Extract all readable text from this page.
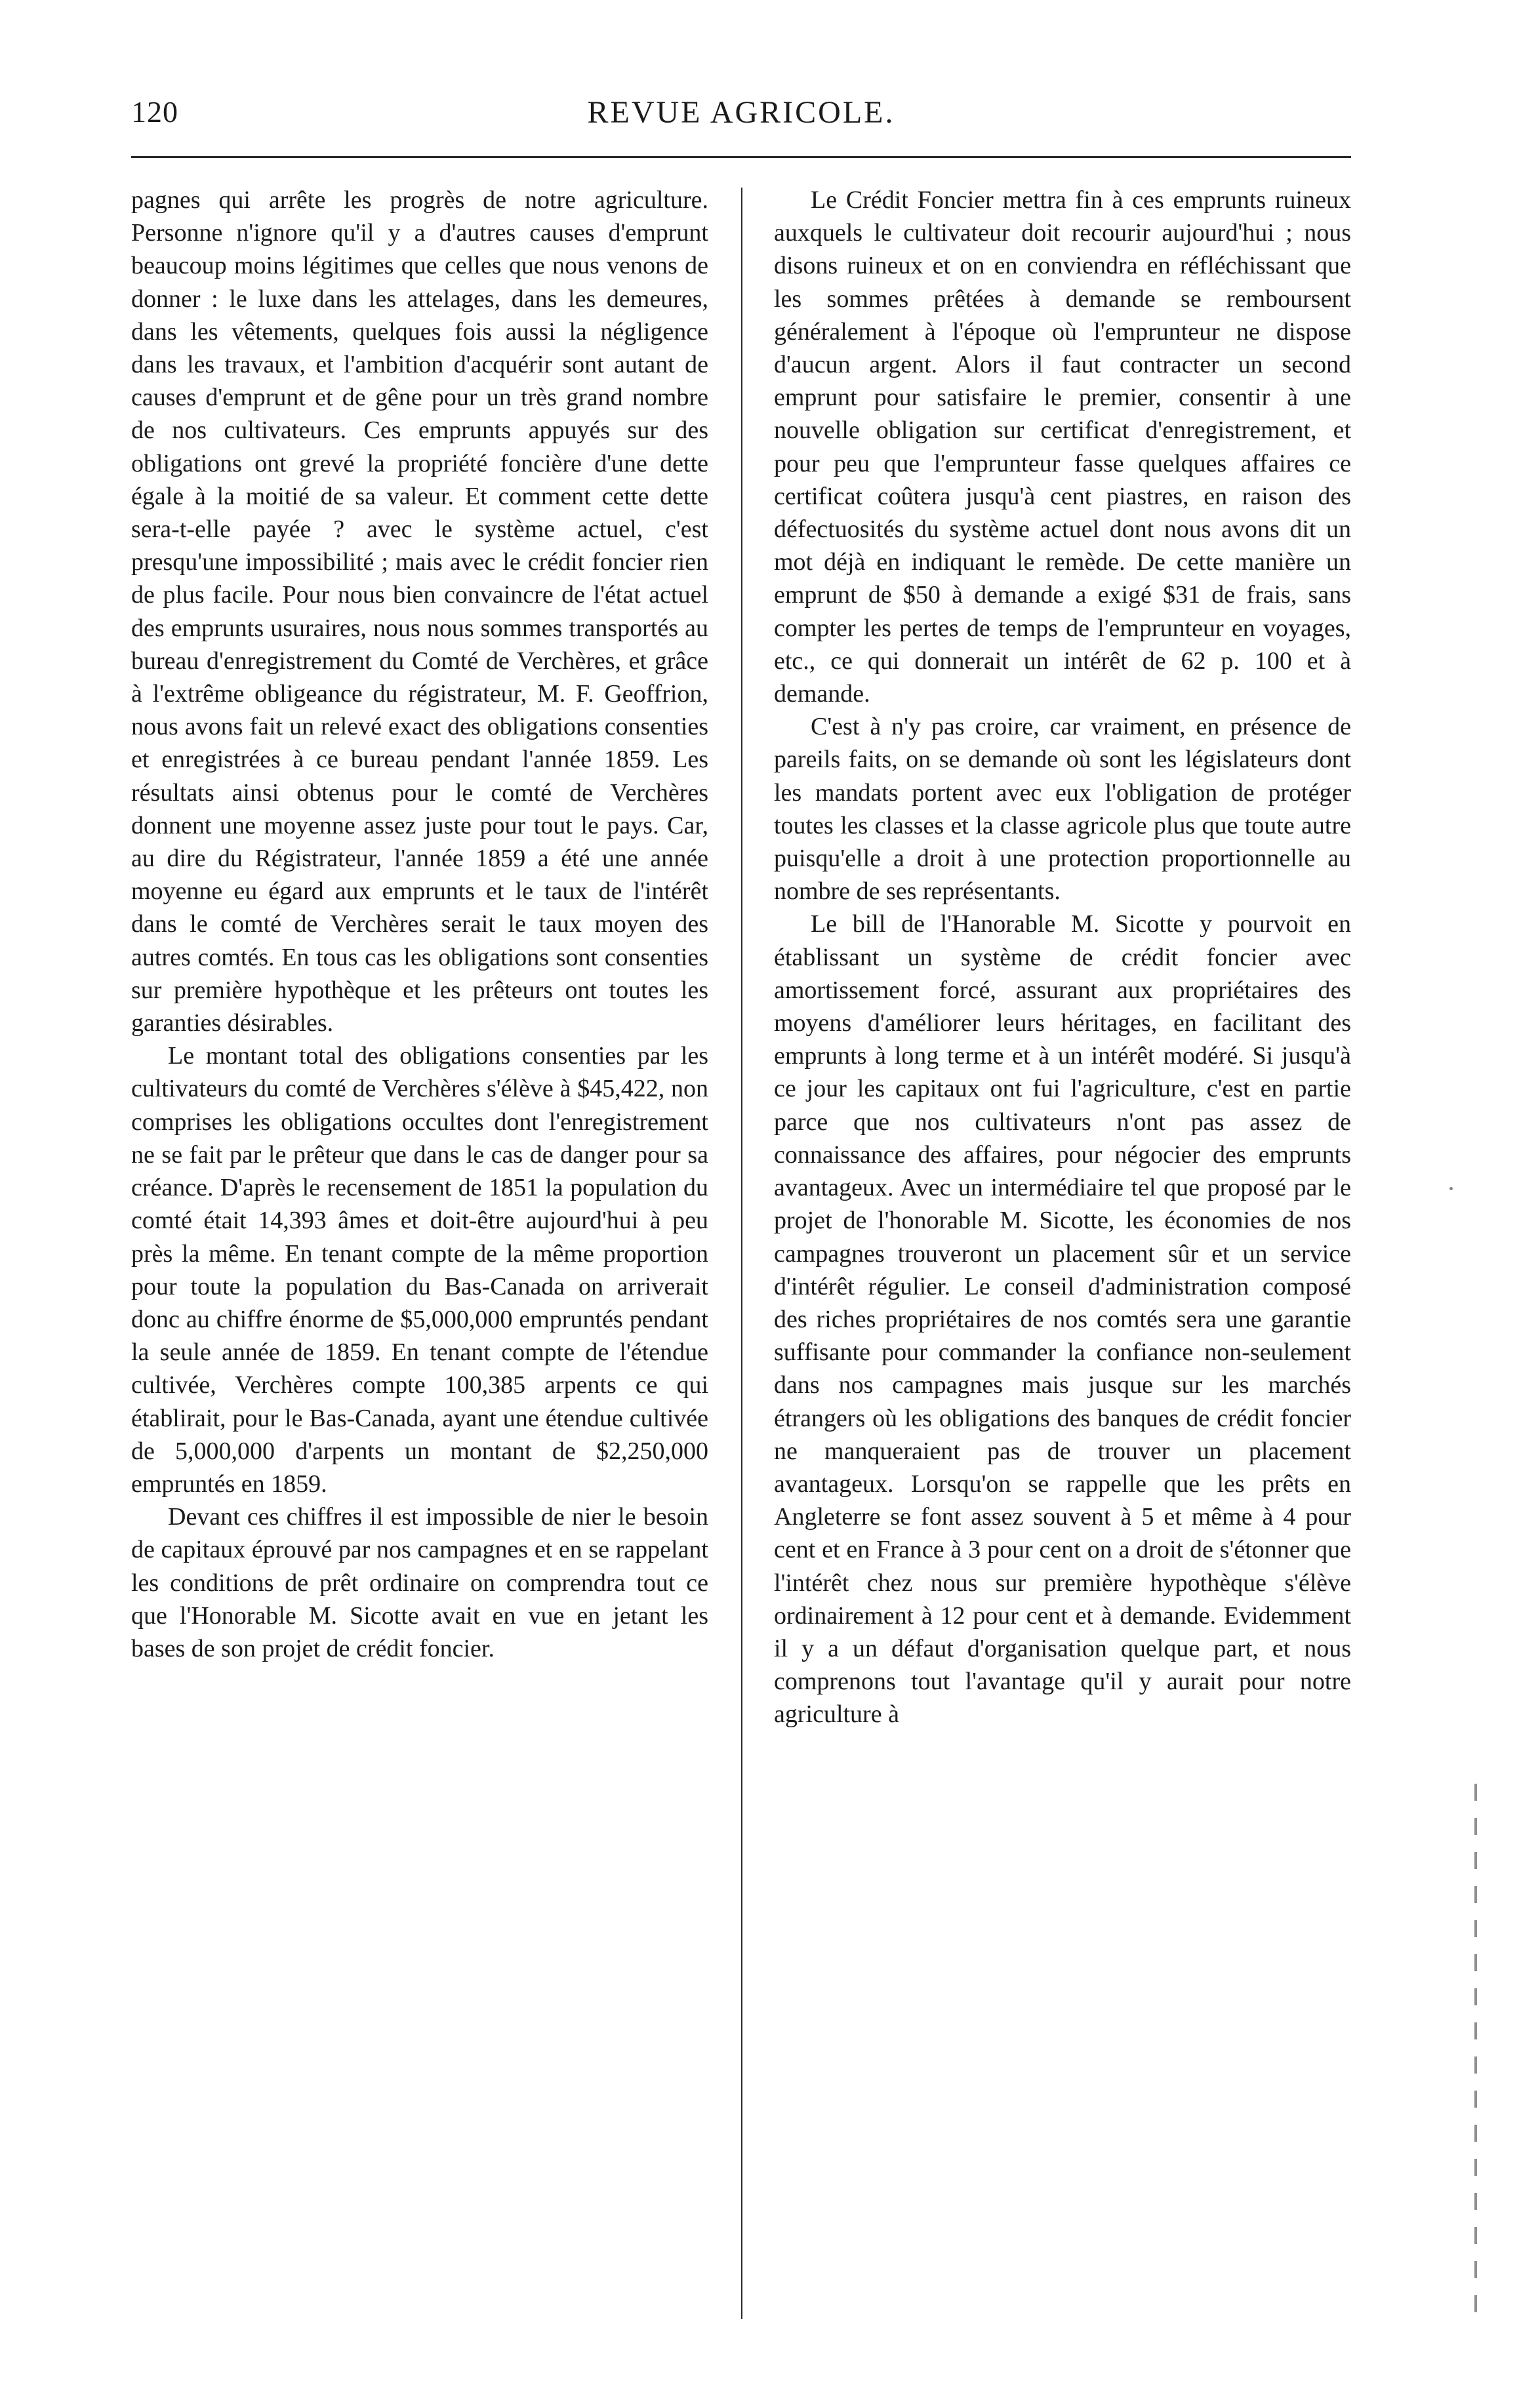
120	REVUE AGRICOLE.

pagnes qui arrête les progrès de notre agriculture. Personne n'ignore qu'il y a d'autres causes d'emprunt beaucoup moins légitimes que celles que nous venons de donner : le luxe dans les attelages, dans les demeures, dans les vêtements, quelques fois aussi la négligence dans les travaux, et l'ambition d'acquérir sont autant de causes d'emprunt et de gêne pour un très grand nombre de nos cultivateurs. Ces emprunts appuyés sur des obligations ont grevé la propriété foncière d'une dette égale à la moitié de sa valeur. Et comment cette dette sera-t-elle payée ? avec le système actuel, c'est presqu'une impossibilité ; mais avec le crédit foncier rien de plus facile. Pour nous bien convaincre de l'état actuel des emprunts usuraires, nous nous sommes transportés au bureau d'enregistrement du Comté de Verchères, et grâce à l'extrême obligeance du régistrateur, M. F. Geoffrion, nous avons fait un relevé exact des obligations consenties et enregistrées à ce bureau pendant l'année 1859. Les résultats ainsi obtenus pour le comté de Verchères donnent une moyenne assez juste pour tout le pays. Car, au dire du Régistrateur, l'année 1859 a été une année moyenne eu égard aux emprunts et le taux de l'intérêt dans le comté de Verchères serait le taux moyen des autres comtés. En tous cas les obligations sont consenties sur première hypothèque et les prêteurs ont toutes les garanties désirables.

Le montant total des obligations consenties par les cultivateurs du comté de Verchères s'élève à $45,422, non comprises les obligations occultes dont l'enregistrement ne se fait par le prêteur que dans le cas de danger pour sa créance. D'après le recensement de 1851 la population du comté était 14,393 âmes et doit-être aujourd'hui à peu près la même. En tenant compte de la même proportion pour toute la population du Bas-Canada on arriverait donc au chiffre énorme de $5,000,000 empruntés pendant la seule année de 1859. En tenant compte de l'étendue cultivée, Verchères compte 100,385 arpents ce qui établirait, pour le Bas-Canada, ayant une étendue cultivée de 5,000,000 d'arpents un montant de $2,250,000 empruntés en 1859.

Devant ces chiffres il est impossible de nier le besoin de capitaux éprouvé par nos campagnes et en se rappelant les conditions de prêt ordinaire on comprendra tout ce que l'Honorable M. Sicotte avait en vue en jetant les bases de son projet de crédit foncier.

Le Crédit Foncier mettra fin à ces emprunts ruineux auxquels le cultivateur doit recourir aujourd'hui ; nous disons ruineux et on en conviendra en réfléchissant que les sommes prêtées à demande se remboursent généralement à l'époque où l'emprunteur ne dispose d'aucun argent. Alors il faut contracter un second emprunt pour satisfaire le premier, consentir à une nouvelle obligation sur certificat d'enregistrement, et pour peu que l'emprunteur fasse quelques affaires ce certificat coûtera jusqu'à cent piastres, en raison des défectuosités du système actuel dont nous avons dit un mot déjà en indiquant le remède. De cette manière un emprunt de $50 à demande a exigé $31 de frais, sans compter les pertes de temps de l'emprunteur en voyages, etc., ce qui donnerait un intérêt de 62 p. 100 et à demande.

C'est à n'y pas croire, car vraiment, en présence de pareils faits, on se demande où sont les législateurs dont les mandats portent avec eux l'obligation de protéger toutes les classes et la classe agricole plus que toute autre puisqu'elle a droit à une protection proportionnelle au nombre de ses représentants.

Le bill de l'Hanorable M. Sicotte y pourvoit en établissant un système de crédit foncier avec amortissement forcé, assurant aux propriétaires des moyens d'améliorer leurs héritages, en facilitant des emprunts à long terme et à un intérêt modéré. Si jusqu'à ce jour les capitaux ont fui l'agriculture, c'est en partie parce que nos cultivateurs n'ont pas assez de connaissance des affaires, pour négocier des emprunts avantageux. Avec un intermédiaire tel que proposé par le projet de l'honorable M. Sicotte, les économies de nos campagnes trouveront un placement sûr et un service d'intérêt régulier. Le conseil d'administration composé des riches propriétaires de nos comtés sera une garantie suffisante pour commander la confiance non-seulement dans nos campagnes mais jusque sur les marchés étrangers où les obligations des banques de crédit foncier ne manqueraient pas de trouver un placement avantageux. Lorsqu'on se rappelle que les prêts en Angleterre se font assez souvent à 5 et même à 4 pour cent et en France à 3 pour cent on a droit de s'étonner que l'intérêt chez nous sur première hypothèque s'élève ordinairement à 12 pour cent et à demande. Evidemment il y a un défaut d'organisation quelque part, et nous comprenons tout l'avantage qu'il y aurait pour notre agriculture à
